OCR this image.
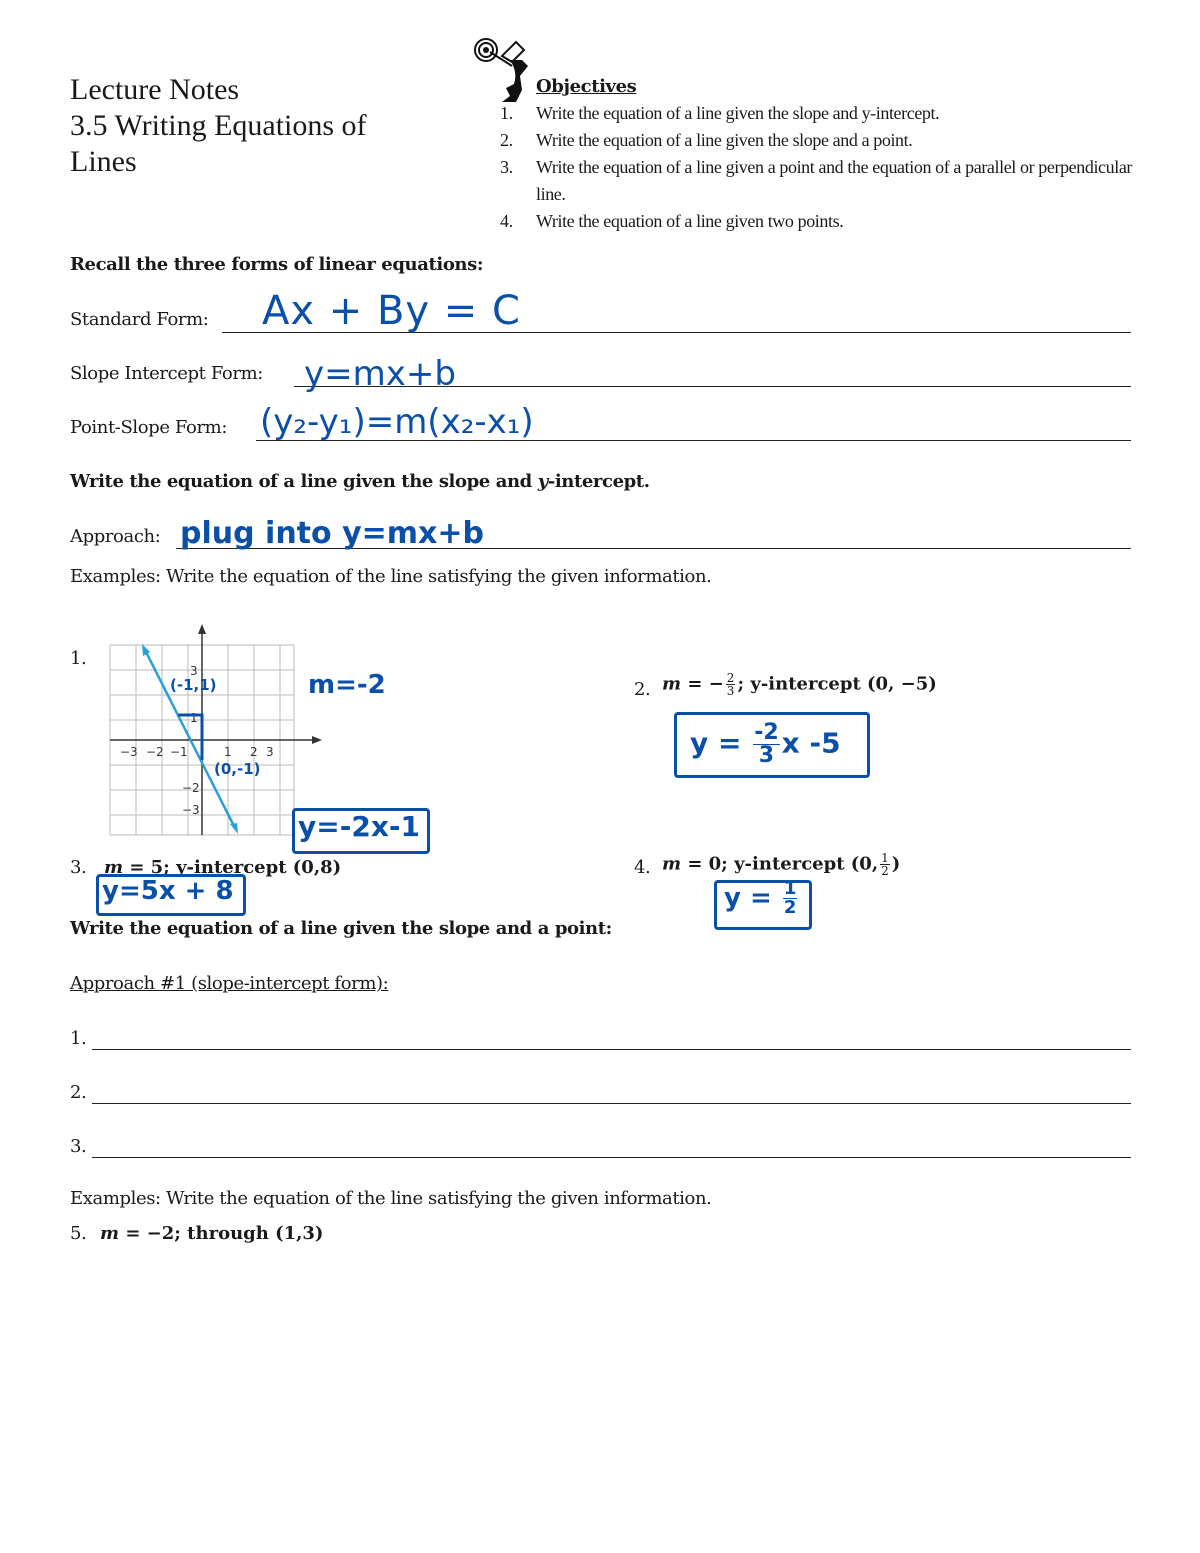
Lecture Notes
3.5 Writing Equations of
Lines
Objectives
1. Write the equation of a line given the slope and y-intercept.
2. Write the equation of a line given the slope and a point.
3. Write the equation of a line given a point and the equation of a parallel or perpendicular line.
4. Write the equation of a line given two points.
Recall the three forms of linear equations:
Standard Form: Ax + By = C
Slope Intercept Form: y=mx+b
Point-Slope Form: (y₂-y₁)=m(x₂-x₁)
Write the equation of a line given the slope and y-intercept.
Approach: plug into y=mx+b
Examples: Write the equation of the line satisfying the given information.
1.
−3 −2 −1	1 2 3
3
1
−2
−3
(-1,1)
(0,-1)
m=-2
y=-2x-1
2. m = − $\frac{2}{3}$ ; y-intercept (0, −5)
$y = \frac{-2}{3}$ x -5
3. m = 5; y-intercept (0,8)
y=5x + 8
4. m = 0; y-intercept (0, $\frac{1}{2}$ )
$y = \frac{1}{2}$
Write the equation of a line given the slope and a point:
Approach #1 (slope-intercept form):
1.
2.
3.
Examples: Write the equation of the line satisfying the given information.
5. m = −2; through (1,3)
